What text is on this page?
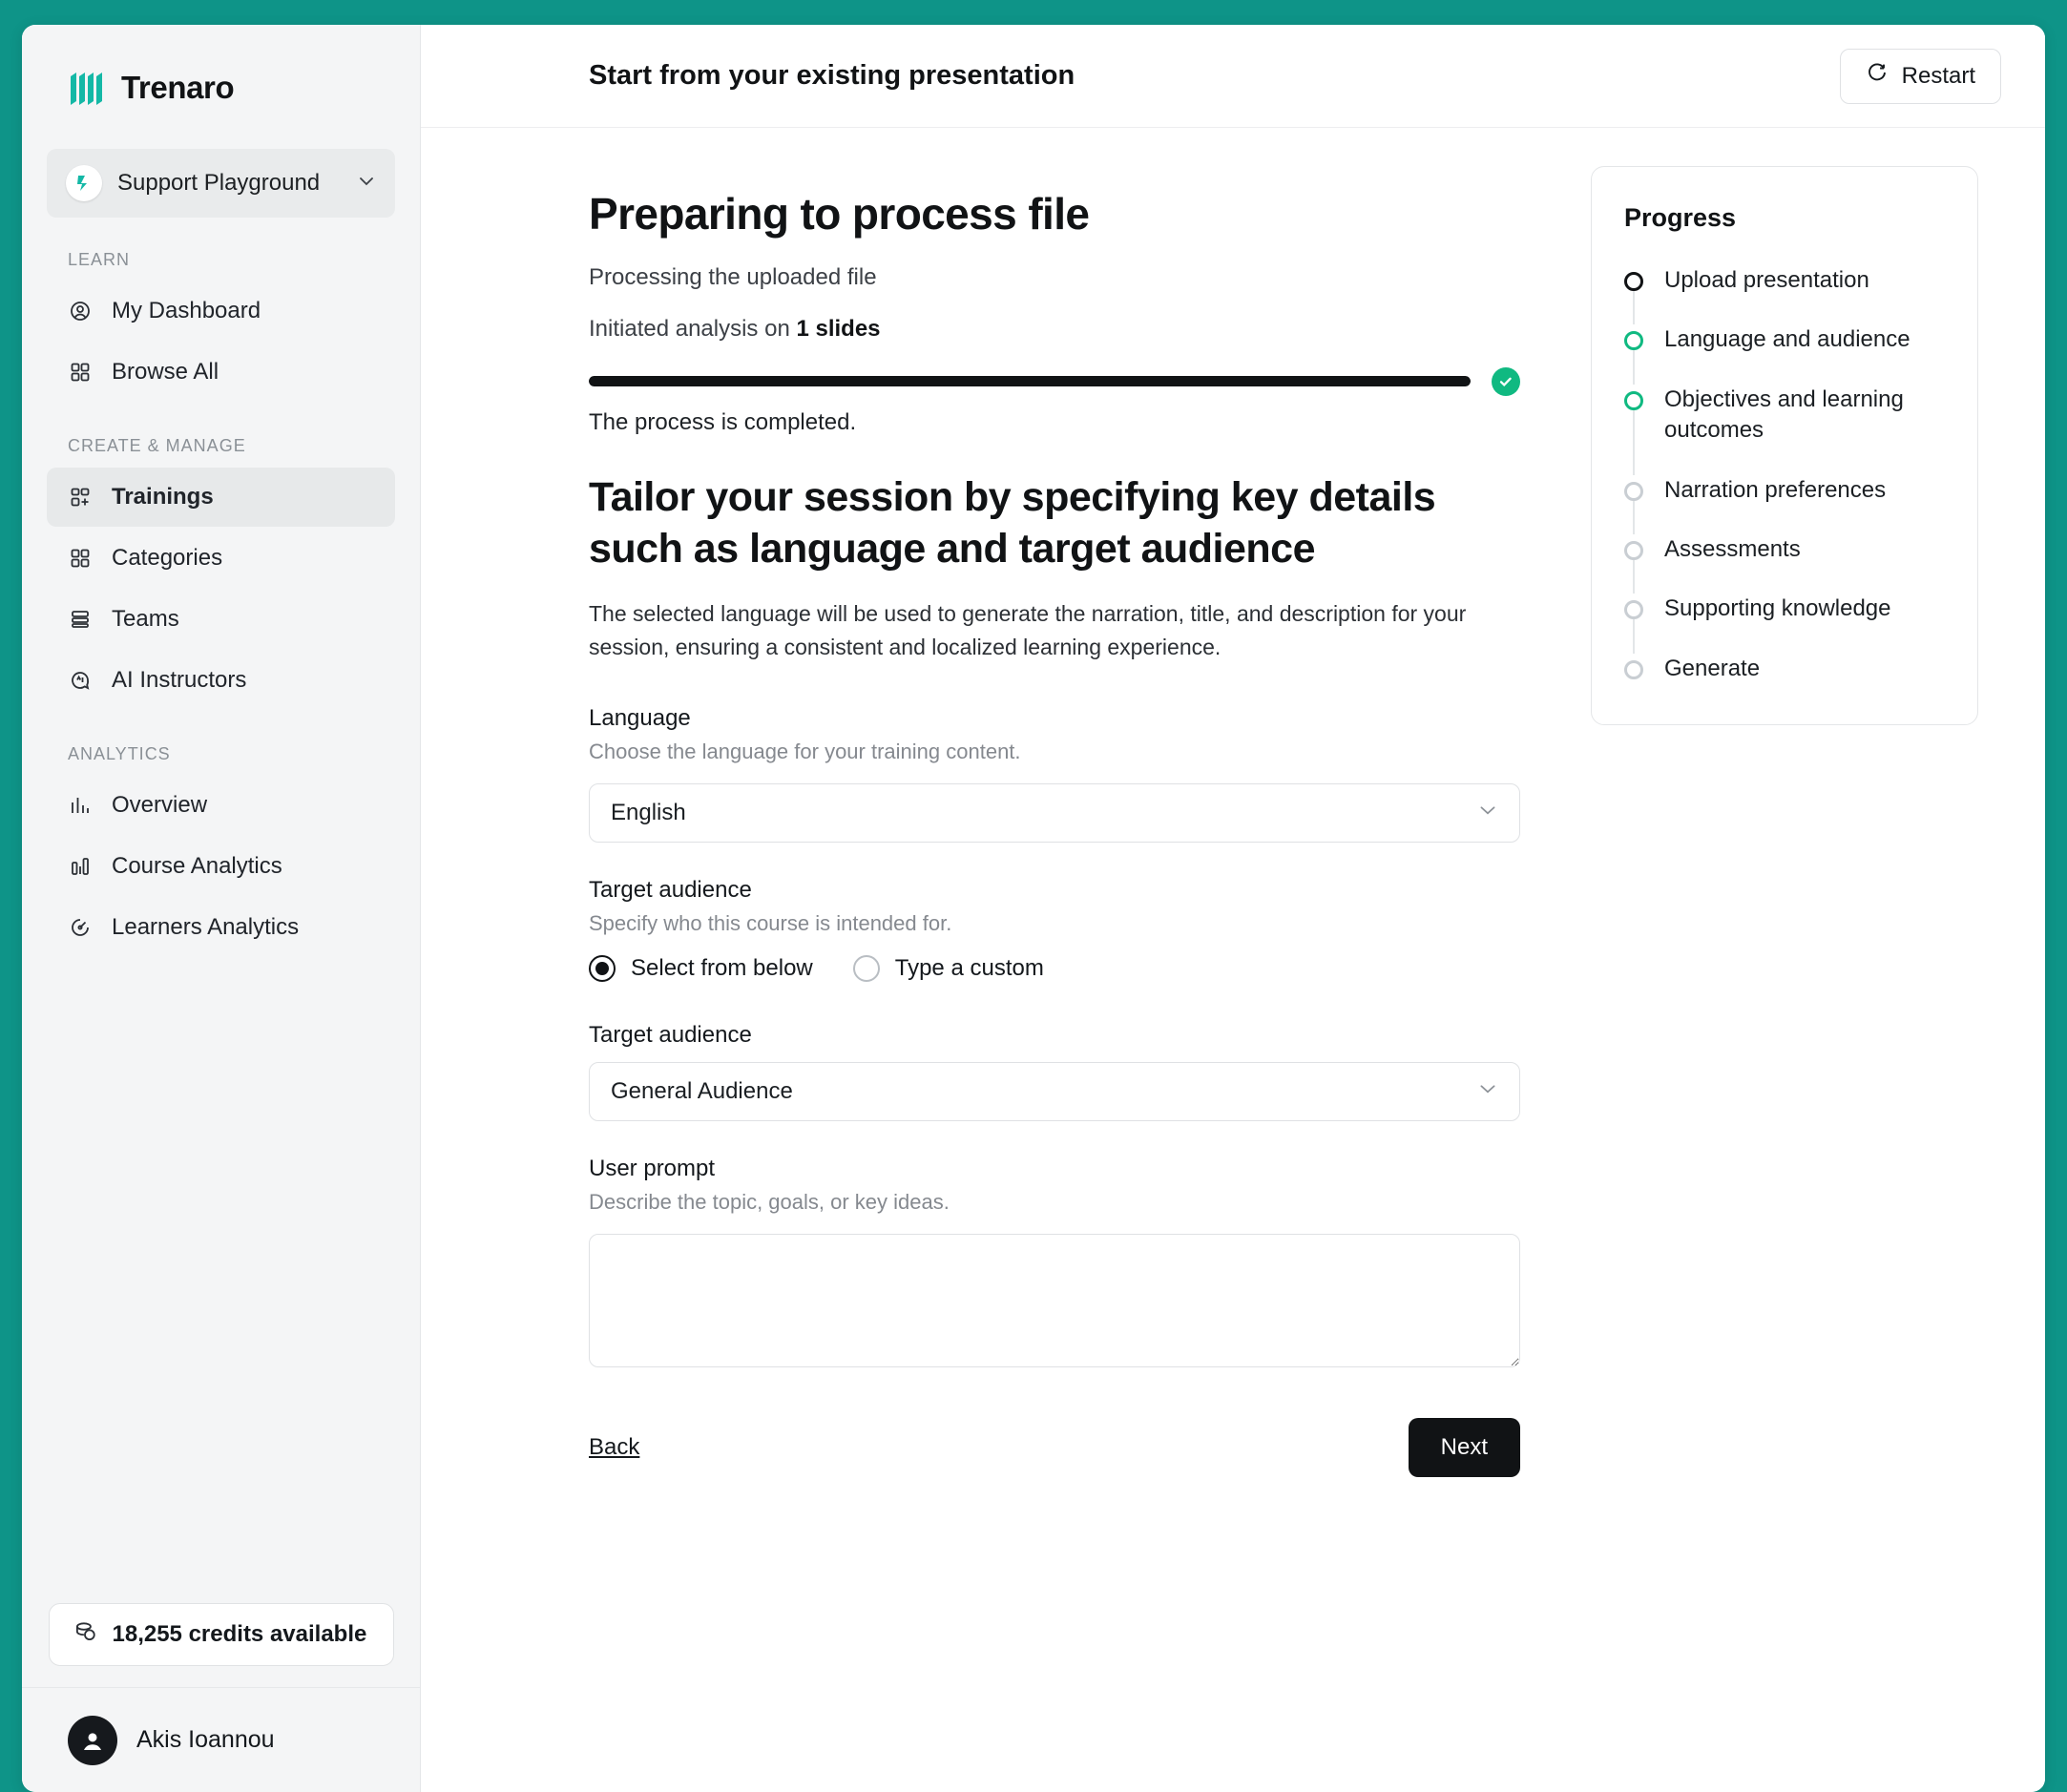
Trenaro
Support Playground
LEARN
My Dashboard
Browse All
CREATE & MANAGE
Trainings
Categories
Teams
AI Instructors
ANALYTICS
Overview
Course Analytics
Learners Analytics
18,255 credits available
Akis Ioannou
Start from your existing presentation	Restart
Preparing to process file
Processing the uploaded file
Initiated analysis on 1 slides
The process is completed.
Tailor your session by specifying key details such as language and target audience
The selected language will be used to generate the narration, title, and description for your session, ensuring a consistent and localized learning experience.
Language
Choose the language for your training content.
English
Target audience
Specify who this course is intended for.
Select from below	Type a custom
Target audience
General Audience
User prompt
Describe the topic, goals, or key ideas.
Back	Next
Progress
Upload presentation
Language and audience
Objectives and learning outcomes
Narration preferences
Assessments
Supporting knowledge
Generate
